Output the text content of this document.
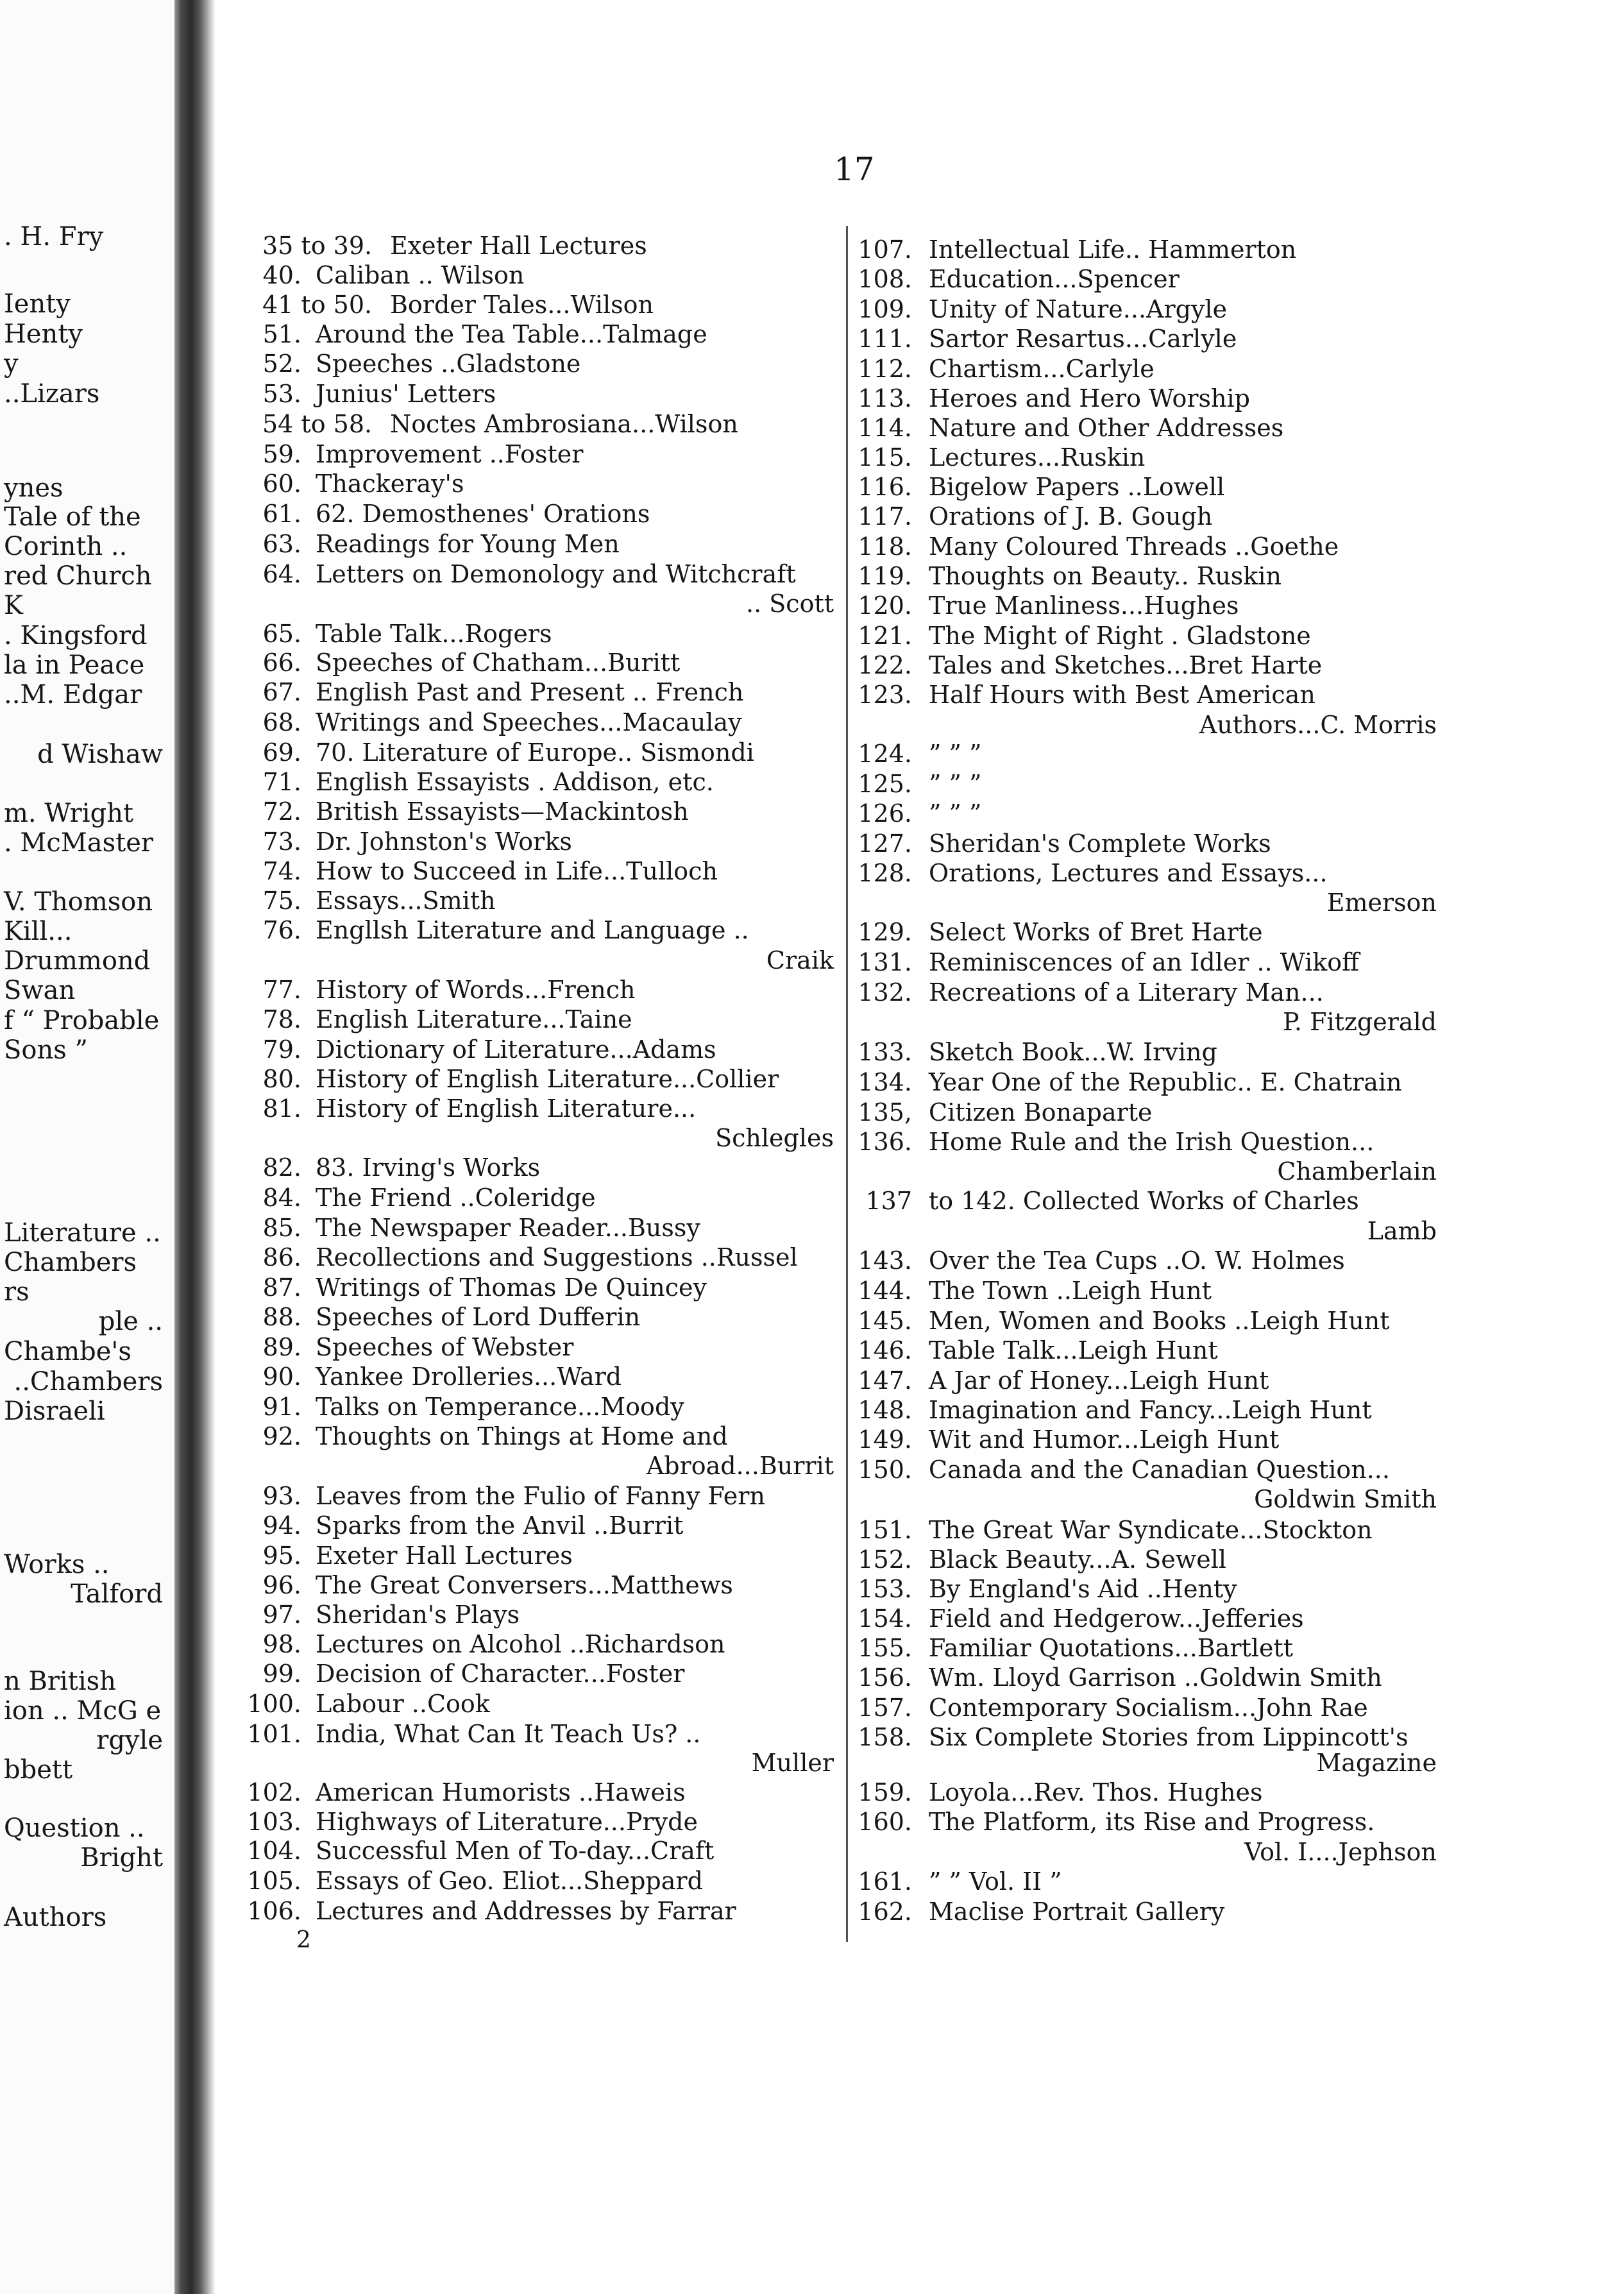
. H. Fry
Ienty
Henty
y
..Lizars
ynes
Tale of the
Corinth ..
red Church
K
. Kingsford
la in Peace
..M. Edgar
d Wishaw
m. Wright
. McMaster
V. Thomson
Kill...
Drummond
Swan
f “ Probable
Sons ”
Literature ..
Chambers
rs
ple ..
Chambe's
..Chambers
Disraeli
Works ..
Talford
n British
ion .. McG e
rgyle
bbett
Question ..
Bright
Authors
17
35 to 39. Exeter Hall Lectures
40. Caliban .. Wilson
41 to 50. Border Tales...Wilson
51. Around the Tea Table...Talmage
52. Speeches ..Gladstone
53. Junius' Letters
54 to 58. Noctes Ambrosiana...Wilson
59. Improvement ..Foster
60. Thackeray's
61. 62. Demosthenes' Orations
63. Readings for Young Men
64. Letters on Demonology and Witchcraft
65. Table Talk...Rogers
66. Speeches of Chatham...Buritt
67. English Past and Present .. French
68. Writings and Speeches...Macaulay
69. 70. Literature of Europe.. Sismondi
71. English Essayists . Addison, etc.
72. British Essayists—Mackintosh
73. Dr. Johnston's Works
74. How to Succeed in Life...Tulloch
75. Essays...Smith
76. Engllsh Literature and Language ..
77. History of Words...French
78. English Literature...Taine
79. Dictionary of Literature...Adams
80. History of English Literature...Collier
81. History of English Literature...
82. 83. Irving's Works
84. The Friend ..Coleridge
85. The Newspaper Reader...Bussy
86. Recollections and Suggestions ..Russel
87. Writings of Thomas De Quincey
88. Speeches of Lord Dufferin
89. Speeches of Webster
90. Yankee Drolleries...Ward
91. Talks on Temperance...Moody
92. Thoughts on Things at Home and
93. Leaves from the Fulio of Fanny Fern
94. Sparks from the Anvil ..Burrit
95. Exeter Hall Lectures
96. The Great Conversers...Matthews
97. Sheridan's Plays
98. Lectures on Alcohol ..Richardson
99. Decision of Character...Foster
100. Labour ..Cook
101. India, What Can It Teach Us? ..
102. American Humorists ..Haweis
103. Highways of Literature...Pryde
104. Successful Men of To-day...Craft
105. Essays of Geo. Eliot...Sheppard
106. Lectures and Addresses by Farrar
.. Scott
Craik
Schlegles
Abroad...Burrit
Muller
107. Intellectual Life.. Hammerton
108. Education...Spencer
109. Unity of Nature...Argyle
111. Sartor Resartus...Carlyle
112. Chartism...Carlyle
113. Heroes and Hero Worship
114. Nature and Other Addresses
115. Lectures...Ruskin
116. Bigelow Papers ..Lowell
117. Orations of J. B. Gough
118. Many Coloured Threads ..Goethe
119. Thoughts on Beauty.. Ruskin
120. True Manliness...Hughes
121. The Might of Right . Gladstone
122. Tales and Sketches...Bret Harte
123. Half Hours with Best American
124. ” ” ”
125. ” ” ”
126. ” ” ”
127. Sheridan's Complete Works
128. Orations, Lectures and Essays...
129. Select Works of Bret Harte
131. Reminiscences of an Idler .. Wikoff
132. Recreations of a Literary Man...
133. Sketch Book...W. Irving
134. Year One of the Republic.. E. Chatrain
135, Citizen Bonaparte
136. Home Rule and the Irish Question...
137 to 142. Collected Works of Charles
143. Over the Tea Cups ..O. W. Holmes
144. The Town ..Leigh Hunt
145. Men, Women and Books ..Leigh Hunt
146. Table Talk...Leigh Hunt
147. A Jar of Honey...Leigh Hunt
148. Imagination and Fancy...Leigh Hunt
149. Wit and Humor...Leigh Hunt
150. Canada and the Canadian Question...
151. The Great War Syndicate...Stockton
152. Black Beauty...A. Sewell
153. By England's Aid ..Henty
154. Field and Hedgerow...Jefferies
155. Familiar Quotations...Bartlett
156. Wm. Lloyd Garrison ..Goldwin Smith
157. Contemporary Socialism...John Rae
158. Six Complete Stories from Lippincott's
159. Loyola...Rev. Thos. Hughes
160. The Platform, its Rise and Progress.
161. ” ” Vol. II ”
162. Maclise Portrait Gallery
Authors...C. Morris
Emerson
P. Fitzgerald
Chamberlain
Lamb
Goldwin Smith
Magazine
Vol. I....Jephson
2
